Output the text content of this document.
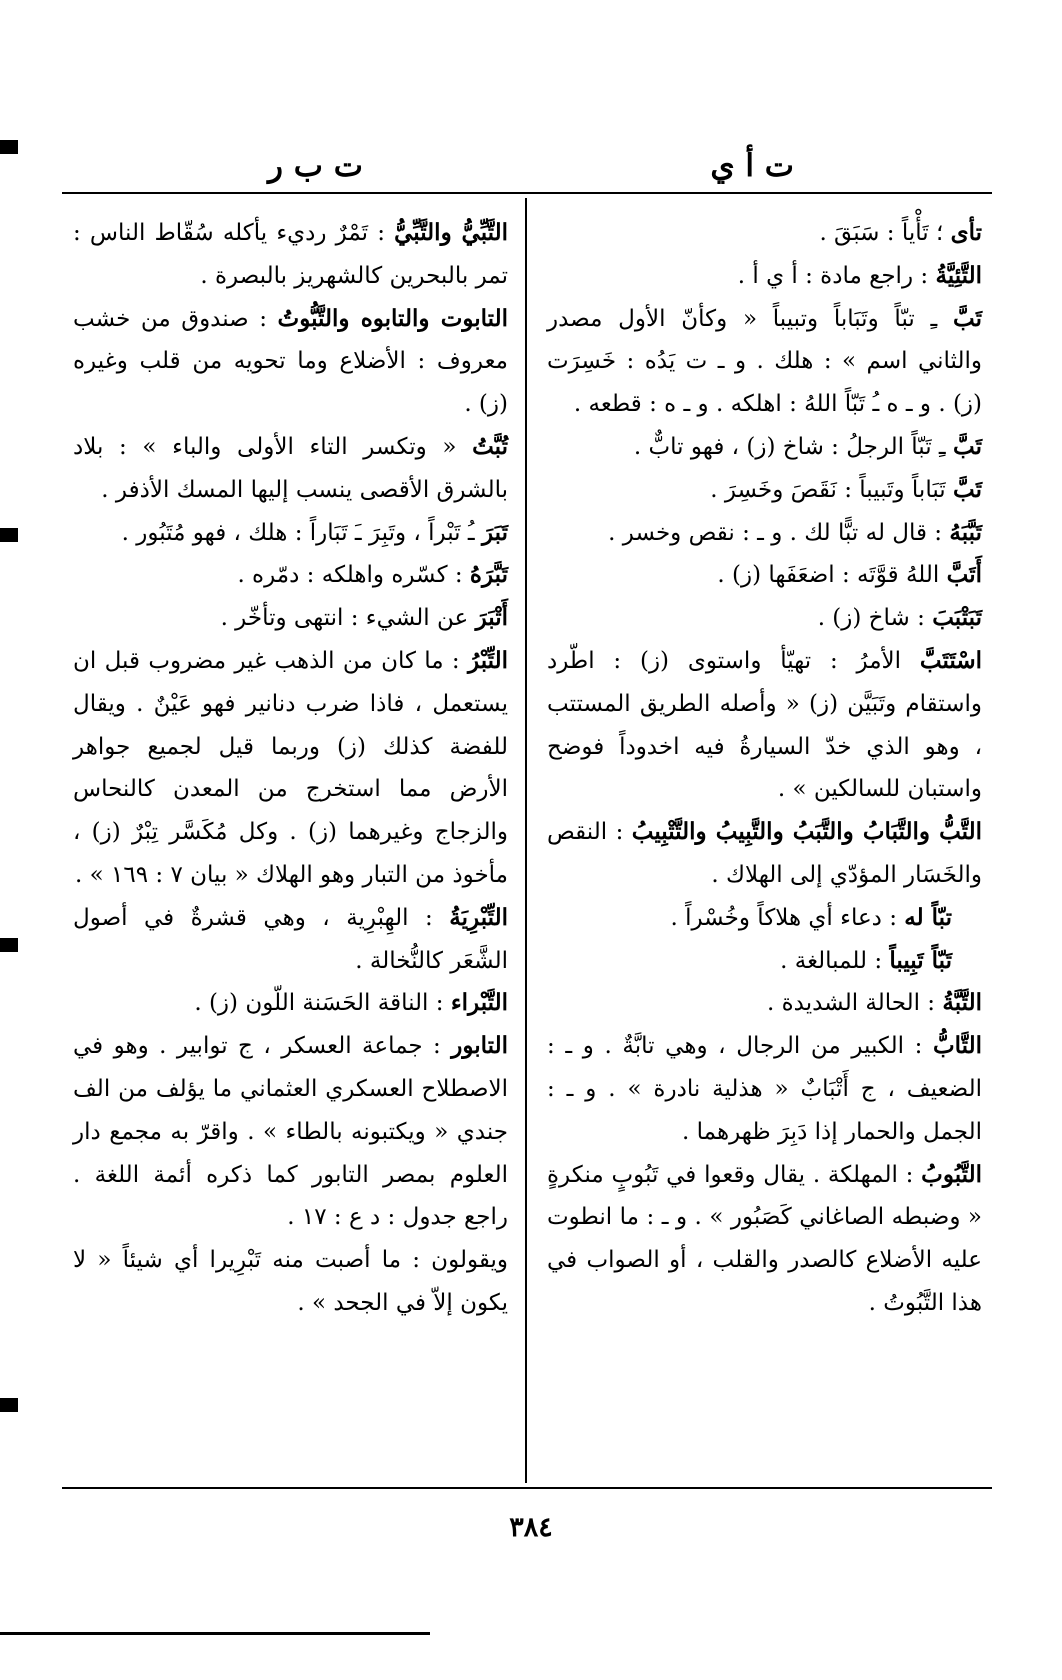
ت أ ي
ت ب ر

تأى ؛ تَأْياً : سَبَقَ .

التَّئِيَّةُ : راجع مادة : أ ي أ .

تَبَّ ـِ تبّاً وتَبَاباً وتبيباً « وكأنّ الأول مصدر والثاني اسم » : هلك . و ـ ت يَدُه : خَسِرَت (ز) . و ـ ه ـُ تَبّاً اللهُ : اهلكه . و ـ ه : قطعه .

تَبَّ ـِ تَبّاً الرجلُ : شاخ (ز) ، فهو تابٌّ .

تَبَّ تَبَاباً وتَبيباً : نَقَصَ وخَسِرَ .

تَبَّبَهُ : قال له تبًّا لك . و ـ : نقص وخسر .

أَتَبَّ اللهُ قوَّتَه : اضعَفَها (ز) .

تَبَتْبَبَ : شاخ (ز) .

اسْتَتَبَّ الأمرُ : تهيّأ واستوى (ز) : اطّرد واستقام وتَبَيَّن (ز) « وأصله الطريق المستتب ، وهو الذي خدّ السيارةُ فيه اخدوداً فوضح واستبان للسالكين » .

التَّبُّ والتَّبَابُ والتَّبَبُ والتَّبِيبُ والتَّتْبِيبُ : النقص والخَسَار المؤدّي إلى الهلاك .

تبّاً له : دعاء أي هلاكاً وخُسْراً .

تَبّاً تَبِيباً : للمبالغة .

التَّبَّةُ : الحالة الشديدة .

التَّابُّ : الكبير من الرجال ، وهي تابَّةٌ . و ـ : الضعيف ، ج أَتْبَابٌ « هذلية نادرة » . و ـ : الجمل والحمار إذا دَبِرَ ظهرهما .

التَّبُوبُ : المهلكة . يقال وقعوا في تَبُوبٍ منكرةٍ « وضبطه الصاغاني كَصَبُور » . و ـ : ما انطوت عليه الأضلاع كالصدر والقلب ، أو الصواب في هذا التَّبُوتُ .

التَّبِّيُّ والتَّبِّيُّ : تَمْرٌ رديء يأكله سُقّاط الناس : تمر بالبحرين كالشهريز بالبصرة .

التابوت والتابوه والتَّبُّوتُ : صندوق من خشب معروف : الأضلاع وما تحويه من قلب وغيره (ز) .

تُبَّتُ « وتكسر التاء الأولى والباء » : بلاد بالشرق الأقصى ينسب إليها المسك الأذفر .

تَبَرَ ـُ تَبْراً ، وتَبِرَ ـَ تَبَاراً : هلك ، فهو مُتَبُور .

تَبَّرَهُ : كسّره واهلكه : دمّره .

أَتْبَرَ عن الشيء : انتهى وتأخّر .

التِّبْرُ : ما كان من الذهب غير مضروب قبل ان يستعمل ، فاذا ضرب دنانير فهو عَيْنٌ . ويقال للفضة كذلك (ز) وربما قيل لجميع جواهر الأرض مما استخرج من المعدن كالنحاس والزجاج وغيرهما (ز) . وكل مُكَسَّر تِبْرٌ (ز) ، مأخوذ من التبار وهو الهلاك « بيان ٧ : ١٦٩ » .

التِّبْرِيَةُ : الهِبْرِية ، وهي قشرةٌ في أصول الشَّعَر كالنُّخالة .

التَّبْراء : الناقة الحَسَنة اللّون (ز) .

التابور : جماعة العسكر ، ج توابير . وهو في الاصطلاح العسكري العثماني ما يؤلف من الف جندي « ويكتبونه بالطاء » . واقرّ به مجمع دار العلوم بمصر التابور كما ذكره أئمة اللغة . راجع جدول : د ع : ١٧ .

ويقولون : ما أصبت منه تَبْرِيرا أي شيئاً « لا يكون إلاّ في الجحد » .

٣٨٤
